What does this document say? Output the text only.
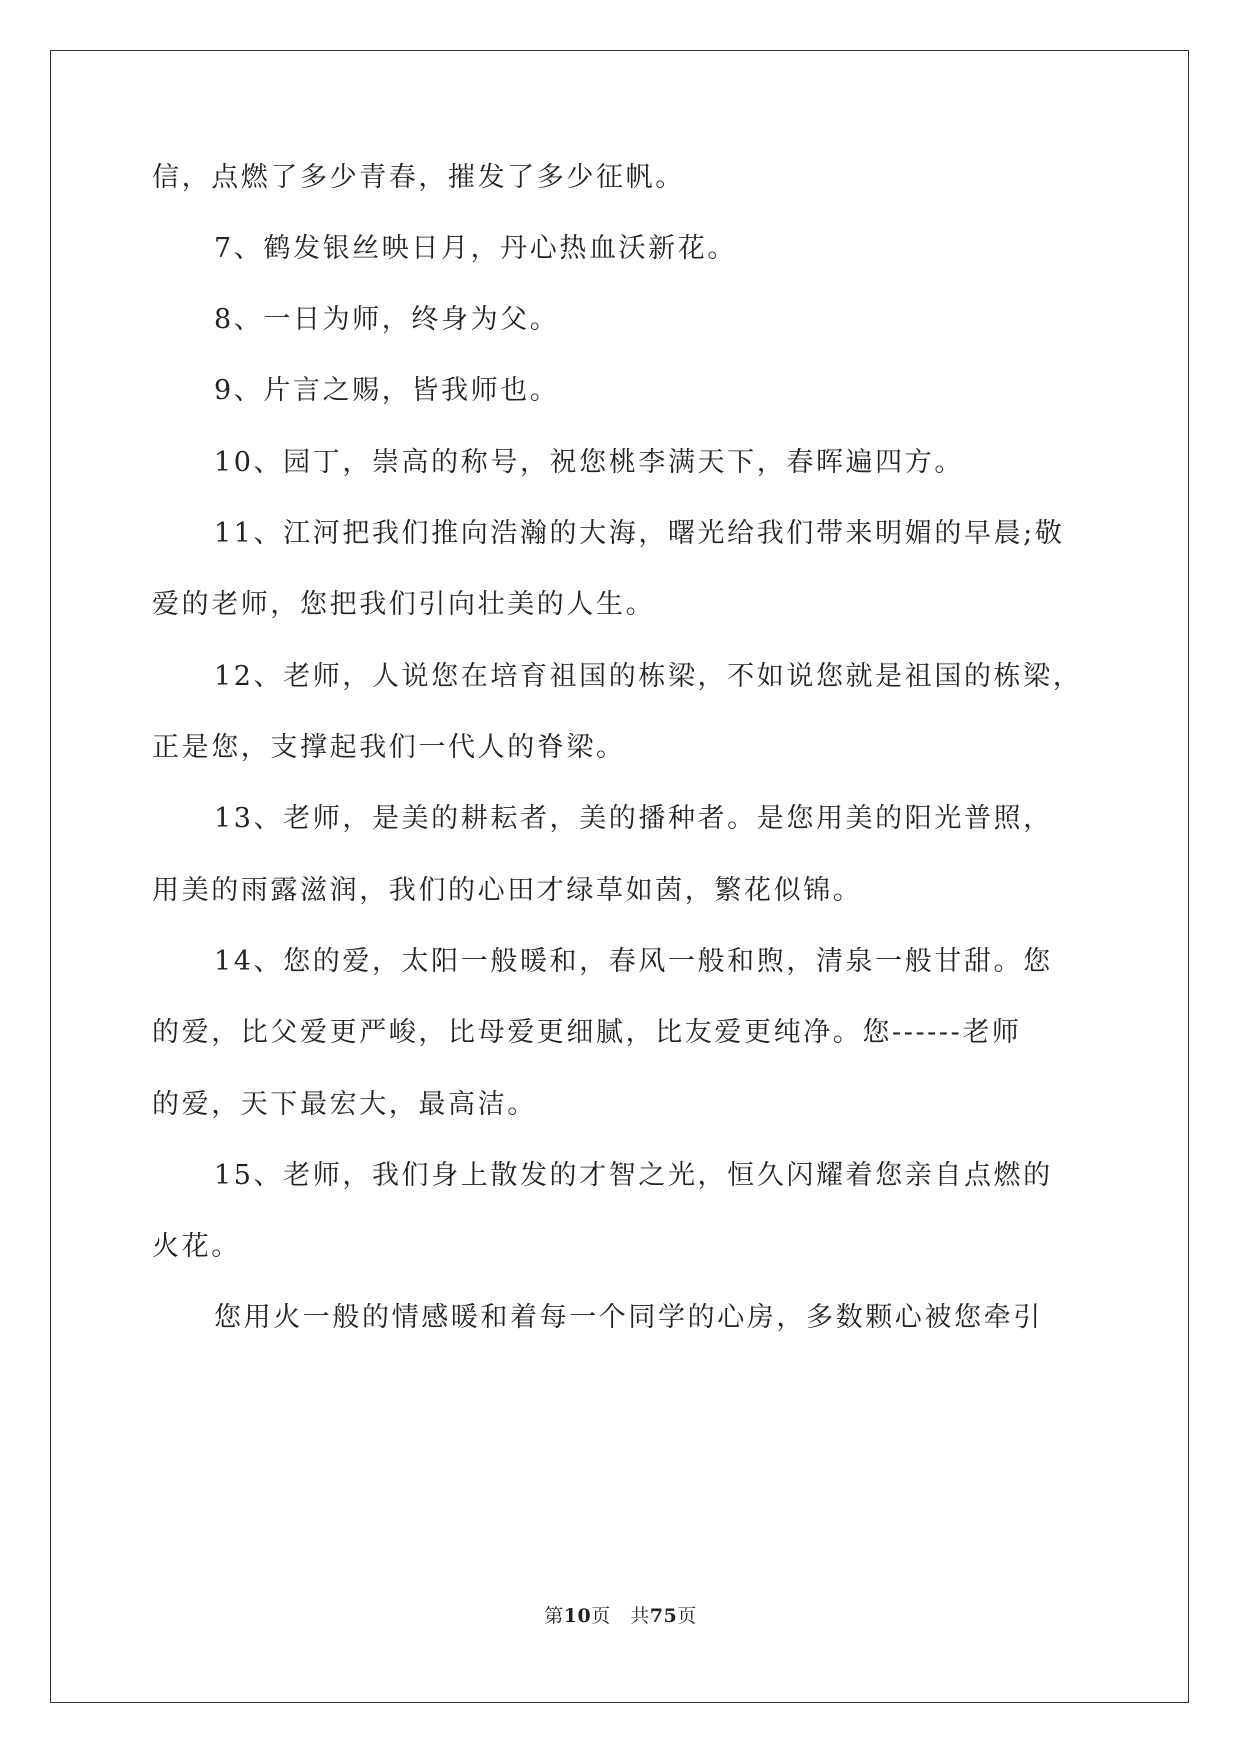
信，点燃了多少青春，摧发了多少征帆。
7、鹤发银丝映日月，丹心热血沃新花。
8、一日为师，终身为父。
9、片言之赐，皆我师也。
10、园丁，崇高的称号，祝您桃李满天下，春晖遍四方。
11、江河把我们推向浩瀚的大海，曙光给我们带来明媚的早晨;敬
爱的老师，您把我们引向壮美的人生。
12、老师，人说您在培育祖国的栋梁，不如说您就是祖国的栋梁，
正是您，支撑起我们一代人的脊梁。
13、老师，是美的耕耘者，美的播种者。是您用美的阳光普照，
用美的雨露滋润，我们的心田才绿草如茵，繁花似锦。
14、您的爱，太阳一般暖和，春风一般和煦，清泉一般甘甜。您
的爱，比父爱更严峻，比母爱更细腻，比友爱更纯净。您------老师
的爱，天下最宏大，最高洁。
15、老师，我们身上散发的才智之光，恒久闪耀着您亲自点燃的
火花。
您用火一般的情感暖和着每一个同学的心房，多数颗心被您牵引
第10页　共75页
